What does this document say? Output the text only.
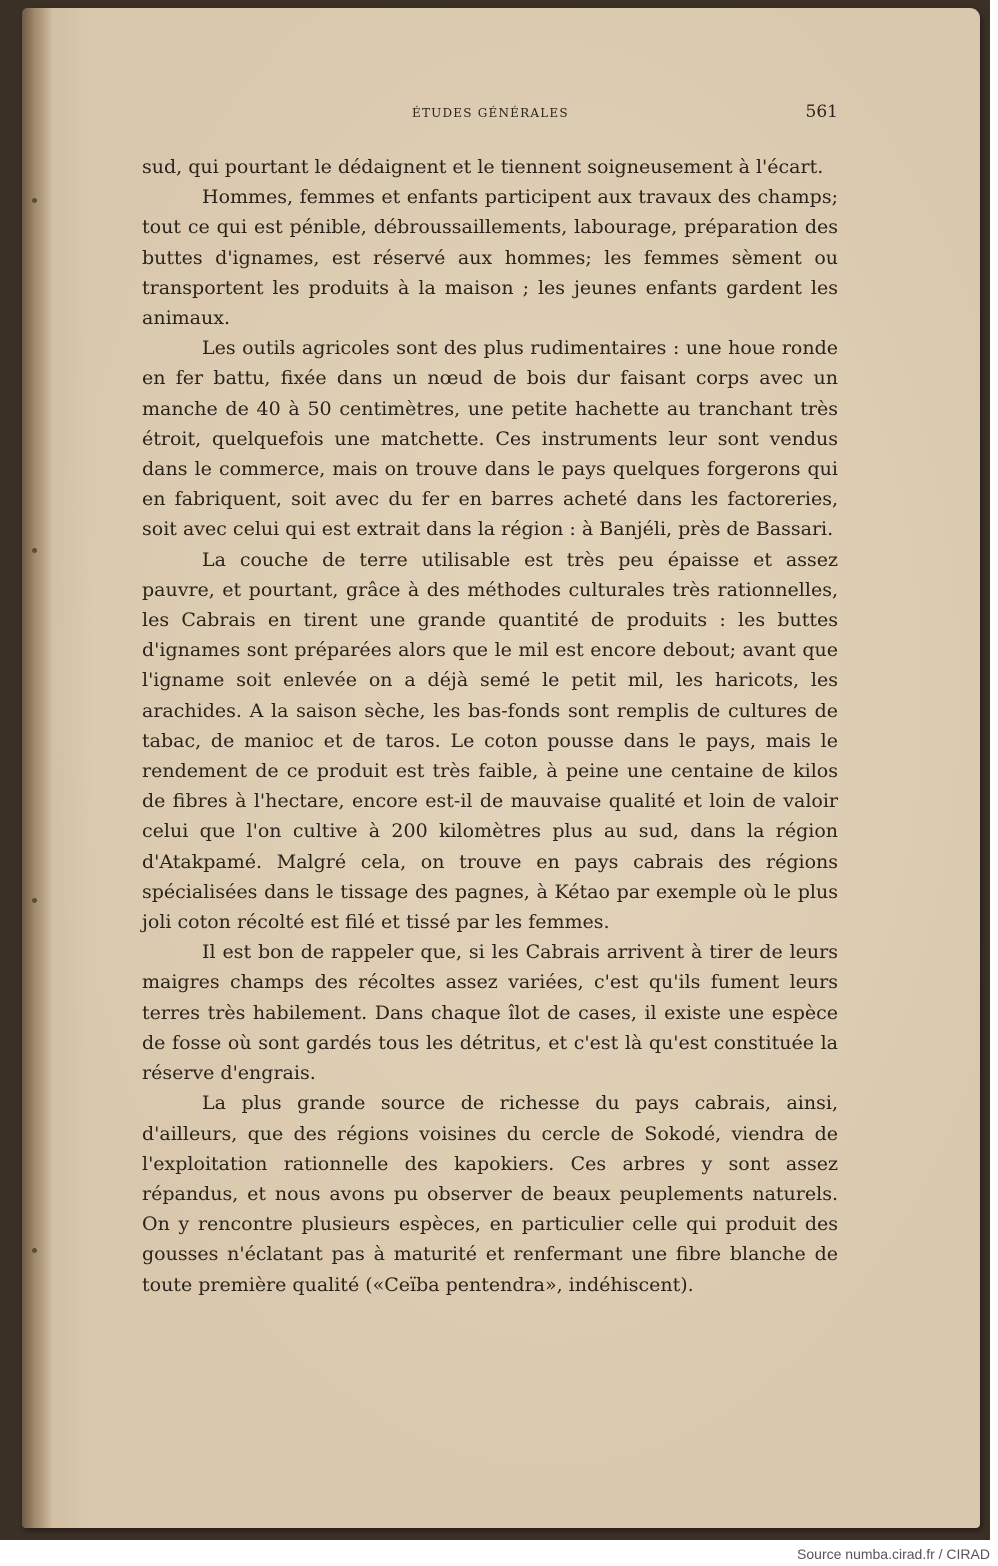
ÉTUDES GÉNÉRALES	561

sud, qui pourtant le dédaignent et le tiennent soigneusement à l'écart.

Hommes, femmes et enfants participent aux travaux des champs; tout ce qui est pénible, débroussaillements, labourage, préparation des buttes d'ignames, est réservé aux hommes; les femmes sèment ou transportent les produits à la maison ; les jeunes enfants gardent les animaux.

Les outils agricoles sont des plus rudimentaires : une houe ronde en fer battu, fixée dans un nœud de bois dur faisant corps avec un manche de 40 à 50 centimètres, une petite hachette au tranchant très étroit, quelquefois une matchette. Ces instruments leur sont vendus dans le commerce, mais on trouve dans le pays quelques forgerons qui en fabriquent, soit avec du fer en barres acheté dans les factoreries, soit avec celui qui est extrait dans la région : à Banjéli, près de Bassari.

La couche de terre utilisable est très peu épaisse et assez pauvre, et pourtant, grâce à des méthodes culturales très rationnelles, les Cabrais en tirent une grande quantité de produits : les buttes d'ignames sont préparées alors que le mil est encore debout; avant que l'igname soit enlevée on a déjà semé le petit mil, les haricots, les arachides. A la saison sèche, les bas-fonds sont remplis de cultures de tabac, de manioc et de taros. Le coton pousse dans le pays, mais le rendement de ce produit est très faible, à peine une centaine de kilos de fibres à l'hectare, encore est-il de mauvaise qualité et loin de valoir celui que l'on cultive à 200 kilomètres plus au sud, dans la région d'Atakpamé. Malgré cela, on trouve en pays cabrais des régions spécialisées dans le tissage des pagnes, à Kétao par exemple où le plus joli coton récolté est filé et tissé par les femmes.

Il est bon de rappeler que, si les Cabrais arrivent à tirer de leurs maigres champs des récoltes assez variées, c'est qu'ils fument leurs terres très habilement. Dans chaque îlot de cases, il existe une espèce de fosse où sont gardés tous les détritus, et c'est là qu'est constituée la réserve d'engrais.

La plus grande source de richesse du pays cabrais, ainsi, d'ailleurs, que des régions voisines du cercle de Sokodé, viendra de l'exploitation rationnelle des kapokiers. Ces arbres y sont assez répandus, et nous avons pu observer de beaux peuplements naturels. On y rencontre plusieurs espèces, en particulier celle qui produit des gousses n'éclatant pas à maturité et renfermant une fibre blanche de toute première qualité («Ceïba pentendra», indéhiscent).

Source numba.cirad.fr / CIRAD
